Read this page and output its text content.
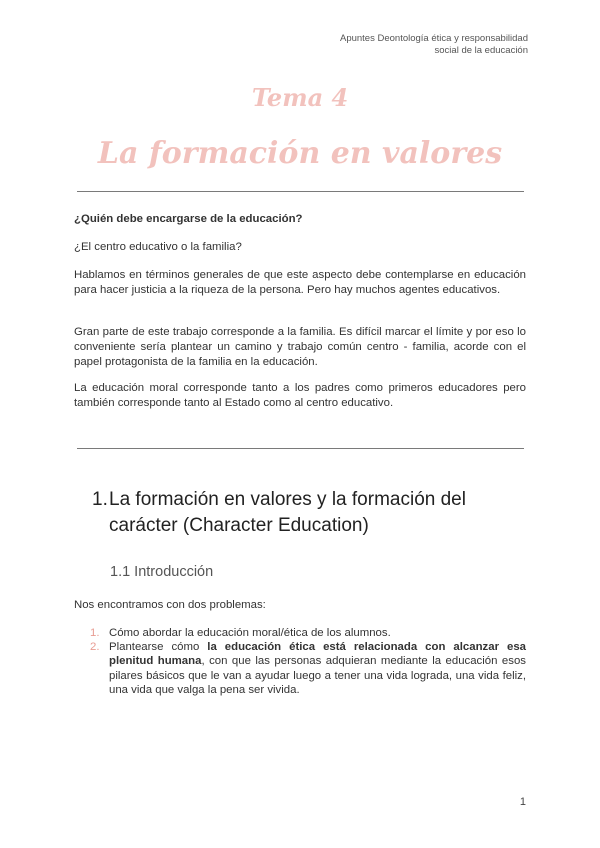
Apuntes Deontología ética y responsabilidad
social de la educación
Tema 4
La formación en valores

¿Quién debe encargarse de la educación?

¿El centro educativo o la familia?

Hablamos en términos generales de que este aspecto debe contemplarse en educación para hacer justicia a la riqueza de la persona. Pero hay muchos agentes educativos.

Gran parte de este trabajo corresponde a la familia. Es difícil marcar el límite y por eso lo conveniente sería plantear un camino y trabajo común centro - familia, acorde con el papel protagonista de la familia en la educación.

La educación moral corresponde tanto a los padres como primeros educadores pero también corresponde tanto al Estado como al centro educativo.

1. La formación en valores y la formación del carácter (Character Education)
1.1 Introducción

Nos encontramos con dos problemas:

1. Cómo abordar la educación moral/ética de los alumnos.
2. Plantearse cómo la educación ética está relacionada con alcanzar esa plenitud humana, con que las personas adquieran mediante la educación esos pilares básicos que le van a ayudar luego a tener una vida lograda, una vida feliz, una vida que valga la pena ser vivida.
1
